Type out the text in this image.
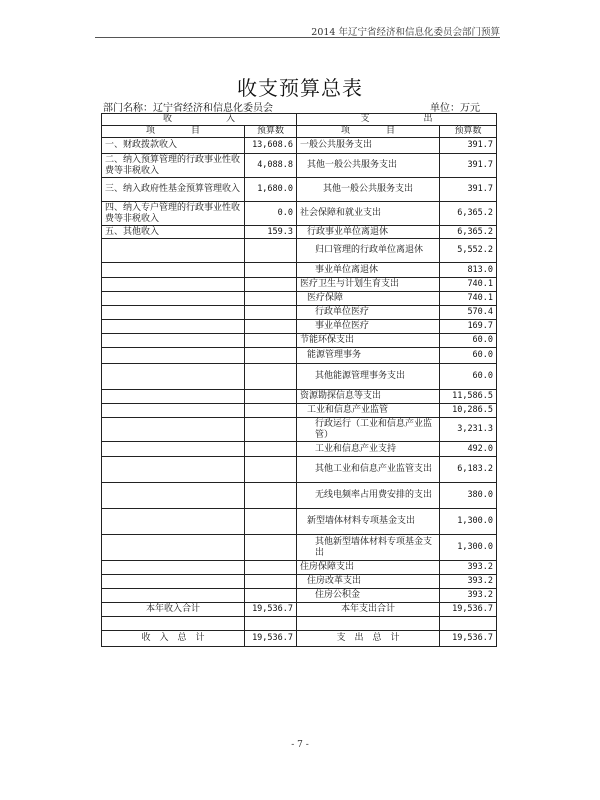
2014 年辽宁省经济和信息化委员会部门预算
收支预算总表
部门名称：辽宁省经济和信息化委员会	单位：万元
收　　　　　　入		支　　　　　　出	
项　　　　目	预算数	项　　　　目	预算数
一、财政拨款收入	13,608.6	一般公共服务支出	391.7
二、纳入预算管理的行政事业性收费等非税收入	4,088.8	其他一般公共服务支出	391.7
三、纳入政府性基金预算管理收入	1,680.0	其他一般公共服务支出	391.7
四、纳入专户管理的行政事业性收费等非税收入	0.0	社会保障和就业支出	6,365.2
五、其他收入	159.3	行政事业单位离退休	6,365.2
		归口管理的行政单位离退休	5,552.2
		事业单位离退休	813.0
		医疗卫生与计划生育支出	740.1
		医疗保障	740.1
		行政单位医疗	570.4
		事业单位医疗	169.7
		节能环保支出	60.0
		能源管理事务	60.0
		其他能源管理事务支出	60.0
		资源勘探信息等支出	11,586.5
		工业和信息产业监管	10,286.5
		行政运行（工业和信息产业监管）	3,231.3
		工业和信息产业支持	492.0
		其他工业和信息产业监管支出	6,183.2
		无线电频率占用费安排的支出	380.0
		新型墙体材料专项基金支出	1,300.0
		其他新型墙体材料专项基金支出	1,300.0
		住房保障支出	393.2
		住房改革支出	393.2
		住房公积金	393.2
本年收入合计	19,536.7	本年支出合计	19,536.7

收　入　总　计	19,536.7	支　出　总　计	19,536.7
- 7 -
